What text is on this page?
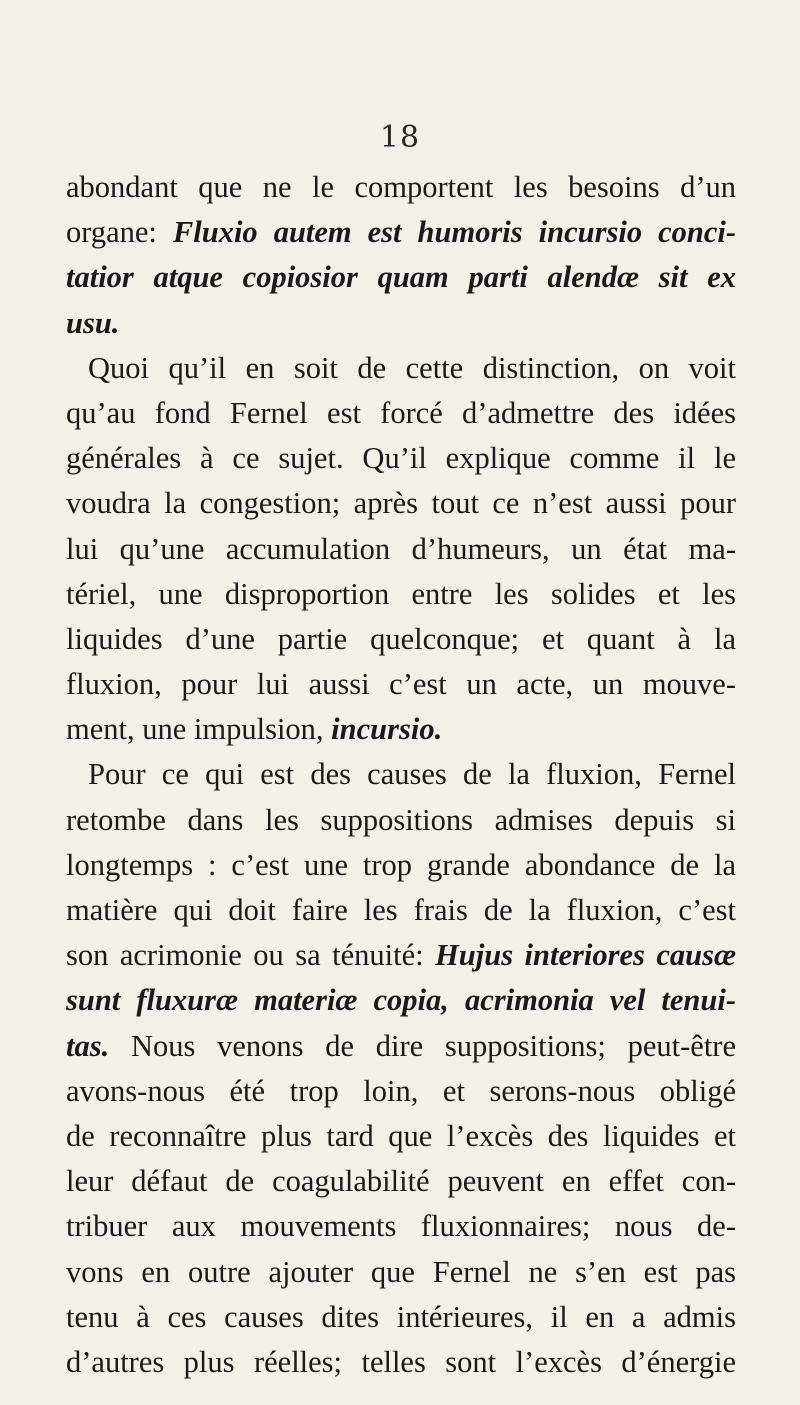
18
abondant que ne le comportent les besoins d’un
organe: Fluxio autem est humoris incursio conci-
tatior atque copiosior quam parti alendæ sit ex
usu.
Quoi qu’il en soit de cette distinction, on voit
qu’au fond Fernel est forcé d’admettre des idées
générales à ce sujet. Qu’il explique comme il le
voudra la congestion; après tout ce n’est aussi pour
lui qu’une accumulation d’humeurs, un état ma-
tériel, une disproportion entre les solides et les
liquides d’une partie quelconque; et quant à la
fluxion, pour lui aussi c’est un acte, un mouve-
ment, une impulsion, incursio.
Pour ce qui est des causes de la fluxion, Fernel
retombe dans les suppositions admises depuis si
longtemps : c’est une trop grande abondance de la
matière qui doit faire les frais de la fluxion, c’est
son acrimonie ou sa ténuité: Hujus interiores causæ
sunt fluxuræ materiæ copia, acrimonia vel tenui-
tas. Nous venons de dire suppositions; peut-être
avons-nous été trop loin, et serons-nous obligé
de reconnaître plus tard que l’excès des liquides et
leur défaut de coagulabilité peuvent en effet con-
tribuer aux mouvements fluxionnaires; nous de-
vons en outre ajouter que Fernel ne s’en est pas
tenu à ces causes dites intérieures, il en a admis
d’autres plus réelles; telles sont l’excès d’énergie
